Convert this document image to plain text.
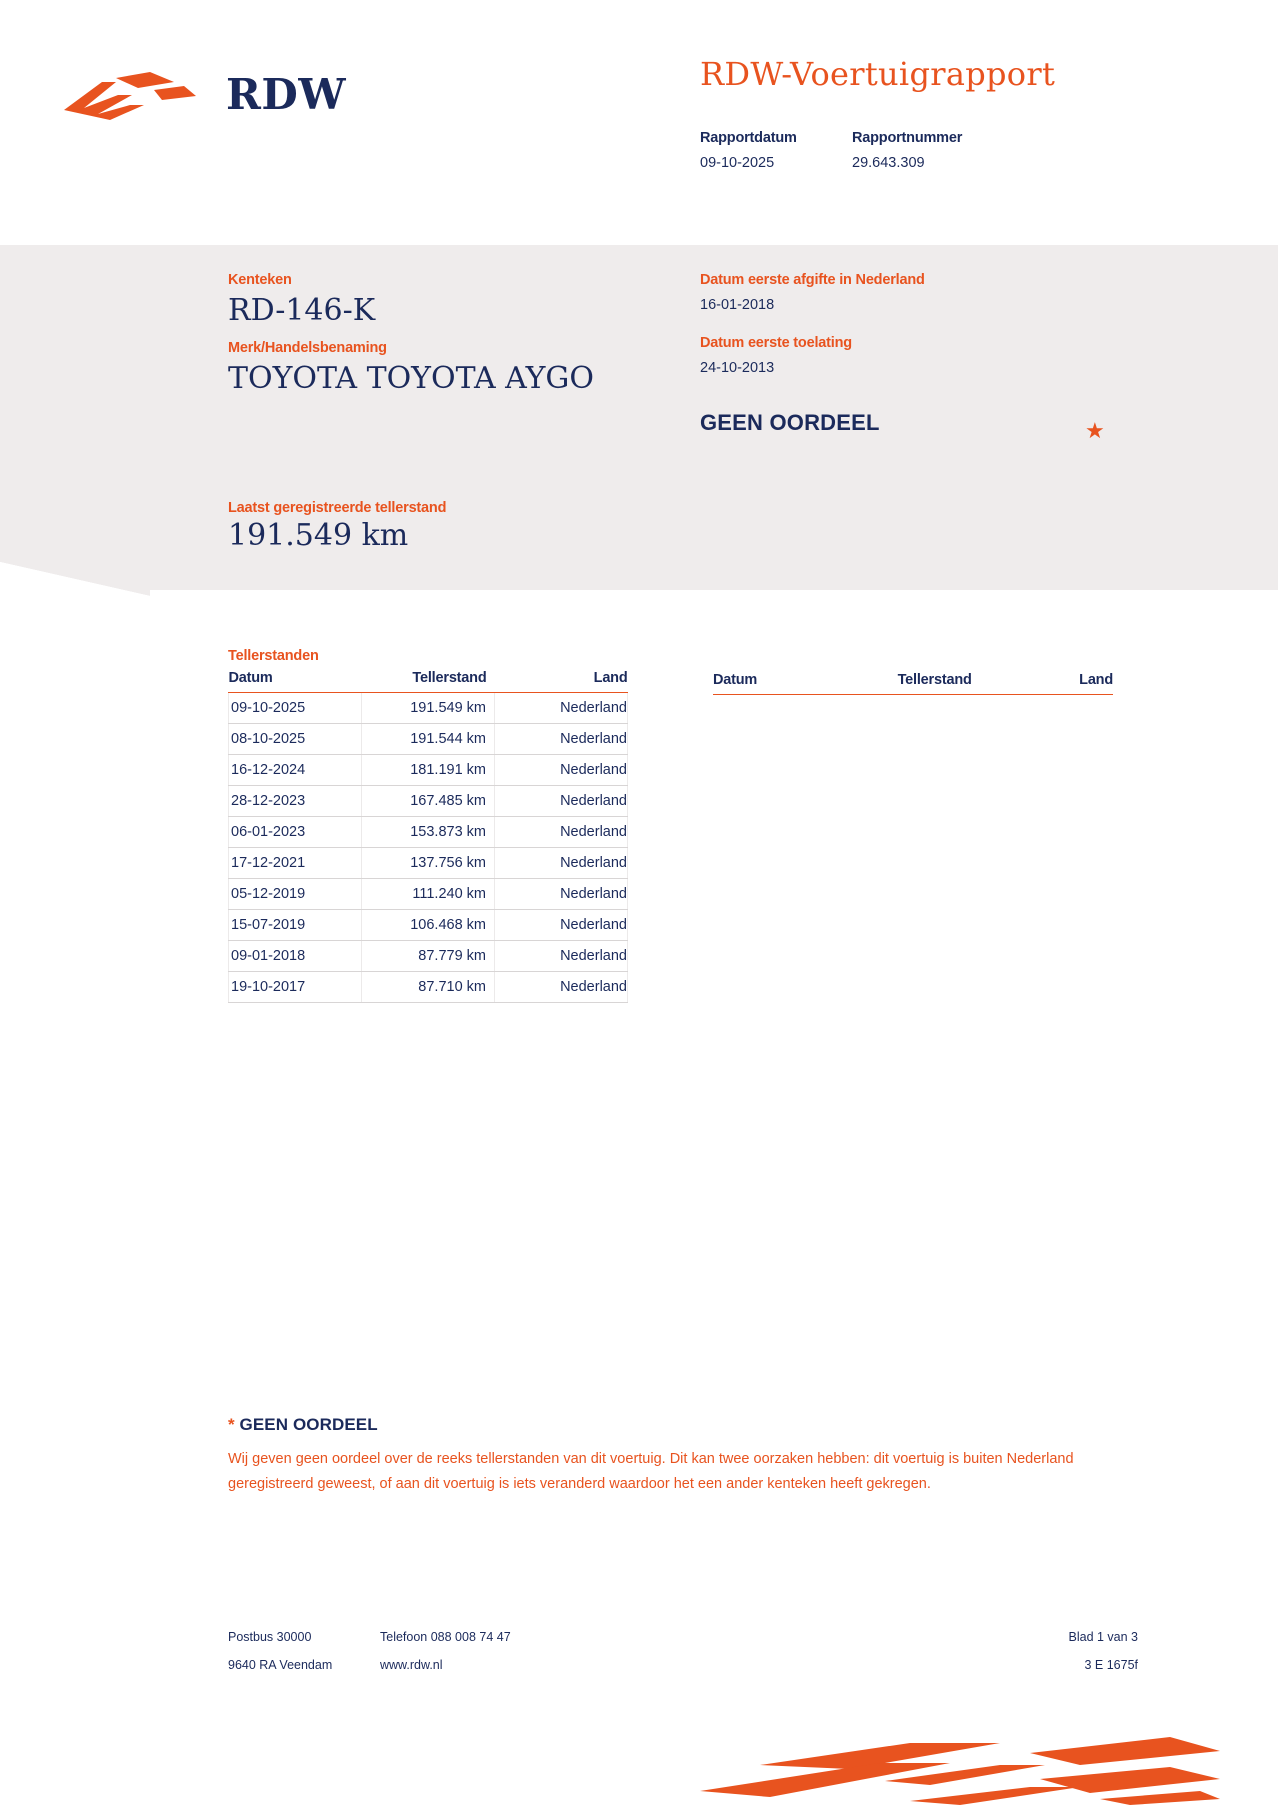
RDW	RDW-Voertuigrapport
Rapportdatum
09-10-2025
Rapportnummer
29.643.309
Kenteken
RD-146-K
Merk/Handelsbenaming
TOYOTA TOYOTA AYGO
Datum eerste afgifte in Nederland
16-01-2018
Datum eerste toelating
24-10-2013
GEEN OORDEEL	★
Laatst geregistreerde tellerstand
191.549 km
Tellerstanden
Datum	Tellerstand	Land
09-10-2025	191.549 km	Nederland
08-10-2025	191.544 km	Nederland
16-12-2024	181.191 km	Nederland
28-12-2023	167.485 km	Nederland
06-01-2023	153.873 km	Nederland
17-12-2021	137.756 km	Nederland
05-12-2019	111.240 km	Nederland
15-07-2019	106.468 km	Nederland
09-01-2018	87.779 km	Nederland
19-10-2017	87.710 km	Nederland
Datum	Tellerstand	Land
* GEEN OORDEEL
Wij geven geen oordeel over de reeks tellerstanden van dit voertuig. Dit kan twee oorzaken hebben: dit voertuig is buiten Nederland geregistreerd geweest, of aan dit voertuig is iets veranderd waardoor het een ander kenteken heeft gekregen.
Postbus 30000	Telefoon 088 008 74 47	Blad 1 van 3
9640 RA Veendam	www.rdw.nl	3 E 1675f
